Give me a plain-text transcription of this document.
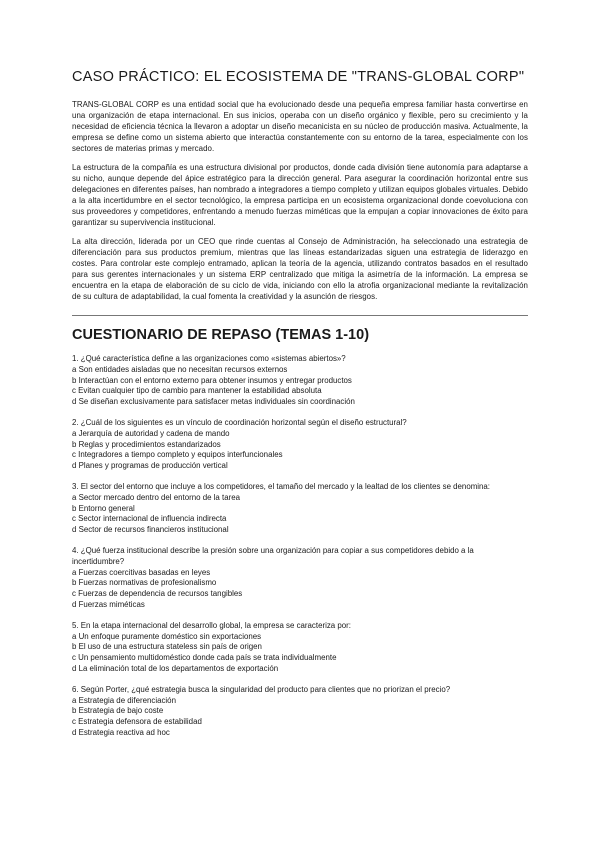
CASO PRÁCTICO: EL ECOSISTEMA DE "TRANS-GLOBAL CORP"

TRANS-GLOBAL CORP es una entidad social que ha evolucionado desde una pequeña empresa familiar hasta convertirse en una organización de etapa internacional. En sus inicios, operaba con un diseño orgánico y flexible, pero su crecimiento y la necesidad de eficiencia técnica la llevaron a adoptar un diseño mecanicista en su núcleo de producción masiva. Actualmente, la empresa se define como un sistema abierto que interactúa constantemente con su entorno de la tarea, especialmente con los sectores de materias primas y mercado.

La estructura de la compañía es una estructura divisional por productos, donde cada división tiene autonomía para adaptarse a su nicho, aunque depende del ápice estratégico para la dirección general. Para asegurar la coordinación horizontal entre sus delegaciones en diferentes países, han nombrado a integradores a tiempo completo y utilizan equipos globales virtuales. Debido a la alta incertidumbre en el sector tecnológico, la empresa participa en un ecosistema organizacional donde coevoluciona con sus proveedores y competidores, enfrentando a menudo fuerzas miméticas que la empujan a copiar innovaciones de éxito para garantizar su supervivencia institucional.

La alta dirección, liderada por un CEO que rinde cuentas al Consejo de Administración, ha seleccionado una estrategia de diferenciación para sus productos premium, mientras que las líneas estandarizadas siguen una estrategia de liderazgo en costes. Para controlar este complejo entramado, aplican la teoría de la agencia, utilizando contratos basados en el resultado para sus gerentes internacionales y un sistema ERP centralizado que mitiga la asimetría de la información. La empresa se encuentra en la etapa de elaboración de su ciclo de vida, iniciando con ello la atrofia organizacional mediante la revitalización de su cultura de adaptabilidad, la cual fomenta la creatividad y la asunción de riesgos.

CUESTIONARIO DE REPASO (TEMAS 1-10)

1. ¿Qué característica define a las organizaciones como «sistemas abiertos»?

a Son entidades aisladas que no necesitan recursos externos

b Interactúan con el entorno externo para obtener insumos y entregar productos

c Evitan cualquier tipo de cambio para mantener la estabilidad absoluta

d Se diseñan exclusivamente para satisfacer metas individuales sin coordinación

2. ¿Cuál de los siguientes es un vínculo de coordinación horizontal según el diseño estructural?

a Jerarquía de autoridad y cadena de mando

b Reglas y procedimientos estandarizados

c Integradores a tiempo completo y equipos interfuncionales

d Planes y programas de producción vertical

3. El sector del entorno que incluye a los competidores, el tamaño del mercado y la lealtad de los clientes se denomina:

a Sector mercado dentro del entorno de la tarea

b Entorno general

c Sector internacional de influencia indirecta

d Sector de recursos financieros institucional

4. ¿Qué fuerza institucional describe la presión sobre una organización para copiar a sus competidores debido a la incertidumbre?

a Fuerzas coercitivas basadas en leyes

b Fuerzas normativas de profesionalismo

c Fuerzas de dependencia de recursos tangibles

d Fuerzas miméticas

5. En la etapa internacional del desarrollo global, la empresa se caracteriza por:

a Un enfoque puramente doméstico sin exportaciones

b El uso de una estructura stateless sin país de origen

c Un pensamiento multidoméstico donde cada país se trata individualmente

d La eliminación total de los departamentos de exportación

6. Según Porter, ¿qué estrategia busca la singularidad del producto para clientes que no priorizan el precio?

a Estrategia de diferenciación

b Estrategia de bajo coste

c Estrategia defensora de estabilidad

d Estrategia reactiva ad hoc
